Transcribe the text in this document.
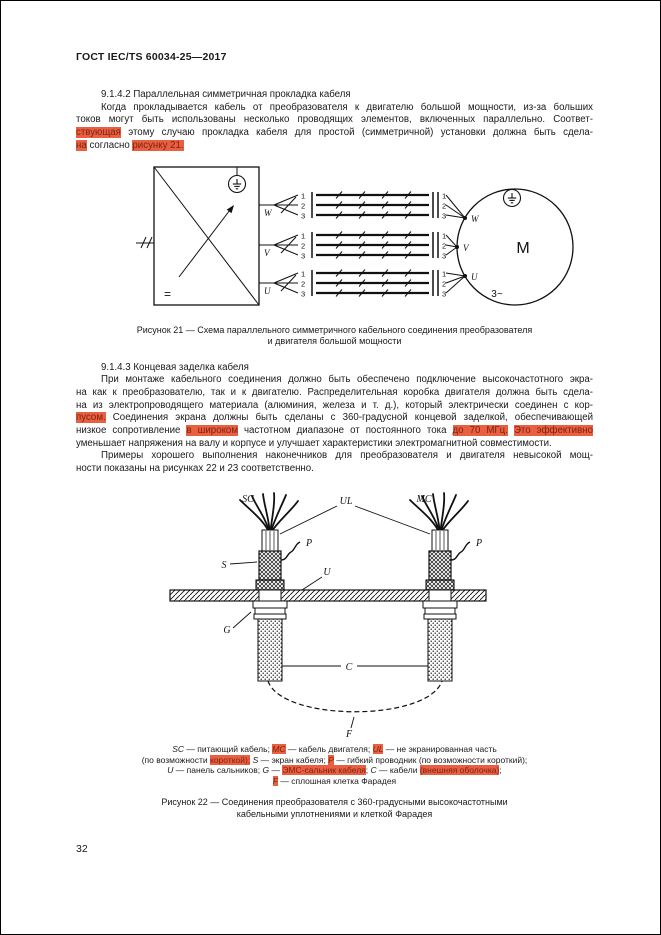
ГОСТ IEC/TS 60034-25—2017
9.1.4.2 Параллельная симметричная прокладка кабеля
Когда прокладывается кабель от преобразователя к двигателю большой мощности, из-за больших
токов могут быть использованы несколько проводящих элементов, включенных параллельно. Соответ-
ствующая этому случаю прокладка кабеля для простой (симметричной) установки должна быть сдела-
на согласно рисунку 21.
1
2
3
1
2
3
=
W
V
U
M
3~
W
V
U
Рисунок 21 — Схема параллельного симметричного кабельного соединения преобразователя
и двигателя большой мощности
9.1.4.3 Концевая заделка кабеля
При монтаже кабельного соединения должно быть обеспечено подключение высокочастотного экра-
на как к преобразователю, так и к двигателю. Распределительная коробка двигателя должна быть сдела-
на из электропроводящего материала (алюминия, железа и т. д.), который электрически соединен с кор-
пусом. Соединения экрана должны быть сделаны с 360-градусной концевой заделкой, обеспечивающей
низкое сопротивление в широком частотном диапазоне от постоянного тока до 70 МГц. Это эффективно
уменьшает напряжения на валу и корпусе и улучшает характеристики электромагнитной совместимости.
Примеры хорошего выполнения наконечников для преобразователя и двигателя невысокой мощ-
ности показаны на рисунках 22 и 23 соответственно.
SC	MC
UL
P	P
S
U
G
C
F
SC — питающий кабель; MC — кабель двигателя; UL — не экранированная часть
(по возможности короткой); S — экран кабеля; P — гибкий проводник (по возможности короткий);
U — панель сальников; G — ЭМС-сальник кабеля; C — кабели (внешняя оболочка);
F — сплошная клетка Фарадея
Рисунок 22 — Соединения преобразователя с 360-градусными высокочастотными
кабельными уплотнениями и клеткой Фарадея
32
